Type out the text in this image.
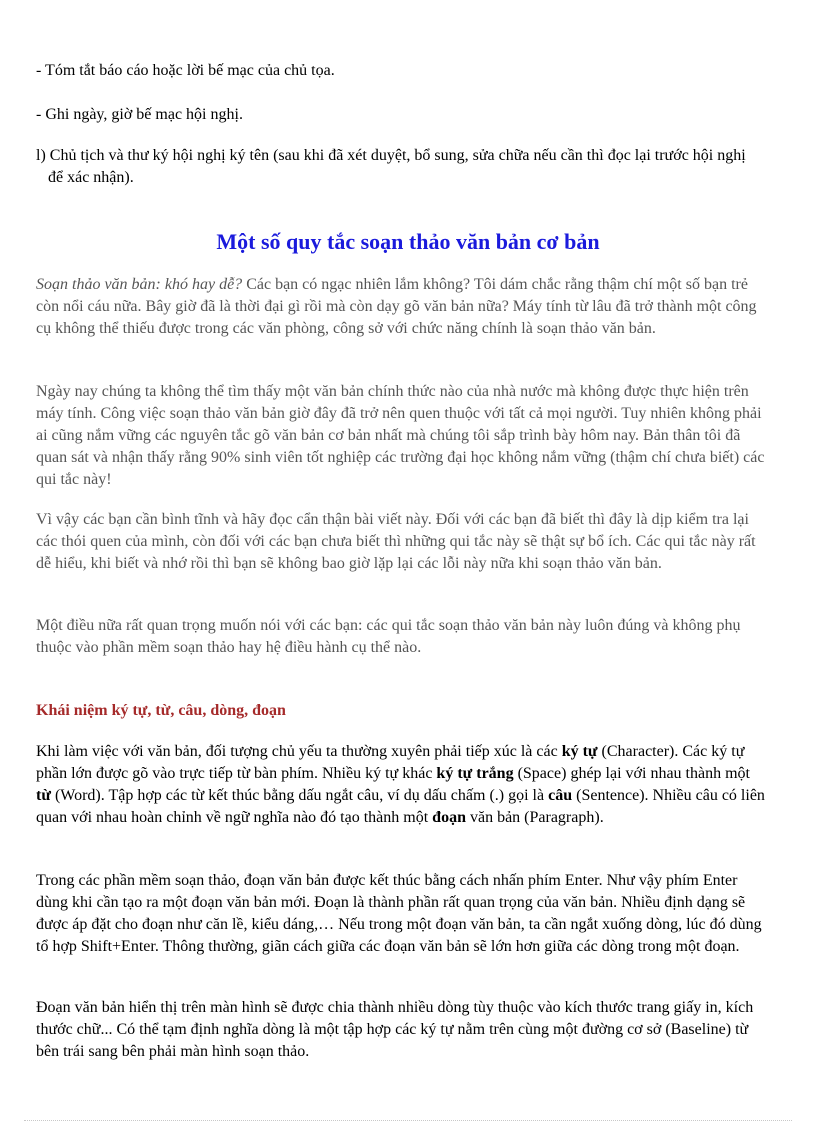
- Tóm tắt báo cáo hoặc lời bế mạc của chủ tọa.

- Ghi ngày, giờ bế mạc hội nghị.

l) Chủ tịch và thư ký hội nghị ký tên (sau khi đã xét duyệt, bổ sung, sửa chữa nếu cần thì đọc lại trước hội nghị để xác nhận).

Một số quy tắc soạn thảo văn bản cơ bản

Soạn thảo văn bản: khó hay dễ? Các bạn có ngạc nhiên lắm không? Tôi dám chắc rằng thậm chí một số bạn trẻ còn nổi cáu nữa. Bây giờ đã là thời đại gì rồi mà còn dạy gõ văn bản nữa? Máy tính từ lâu đã trở thành một công cụ không thể thiếu được trong các văn phòng, công sở với chức năng chính là soạn thảo văn bản.

Ngày nay chúng ta không thể tìm thấy một văn bản chính thức nào của nhà nước mà không được thực hiện trên máy tính. Công việc soạn thảo văn bản giờ đây đã trở nên quen thuộc với tất cả mọi người. Tuy nhiên không phải ai cũng nắm vững các nguyên tắc gõ văn bản cơ bản nhất mà chúng tôi sắp trình bày hôm nay. Bản thân tôi đã quan sát và nhận thấy rằng 90% sinh viên tốt nghiệp các trường đại học không nắm vững (thậm chí chưa biết) các qui tắc này!

Vì vậy các bạn cần bình tĩnh và hãy đọc cẩn thận bài viết này. Đối với các bạn đã biết thì đây là dịp kiểm tra lại các thói quen của mình, còn đối với các bạn chưa biết thì những qui tắc này sẽ thật sự bổ ích. Các qui tắc này rất dễ hiểu, khi biết và nhớ rồi thì bạn sẽ không bao giờ lặp lại các lỗi này nữa khi soạn thảo văn bản.

Một điều nữa rất quan trọng muốn nói với các bạn: các qui tắc soạn thảo văn bản này luôn đúng và không phụ thuộc vào phần mềm soạn thảo hay hệ điều hành cụ thể nào.

Khái niệm ký tự, từ, câu, dòng, đoạn

Khi làm việc với văn bản, đối tượng chủ yếu ta thường xuyên phải tiếp xúc là các ký tự (Character). Các ký tự phần lớn được gõ vào trực tiếp từ bàn phím. Nhiều ký tự khác ký tự trắng (Space) ghép lại với nhau thành một từ (Word). Tập hợp các từ kết thúc bằng dấu ngắt câu, ví dụ dấu chấm (.) gọi là câu (Sentence). Nhiều câu có liên quan với nhau hoàn chỉnh về ngữ nghĩa nào đó tạo thành một đoạn văn bản (Paragraph).

Trong các phần mềm soạn thảo, đoạn văn bản được kết thúc bằng cách nhấn phím Enter. Như vậy phím Enter dùng khi cần tạo ra một đoạn văn bản mới. Đoạn là thành phần rất quan trọng của văn bản. Nhiều định dạng sẽ được áp đặt cho đoạn như căn lề, kiểu dáng,… Nếu trong một đoạn văn bản, ta cần ngắt xuống dòng, lúc đó dùng tổ hợp Shift+Enter. Thông thường, giãn cách giữa các đoạn văn bản sẽ lớn hơn giữa các dòng trong một đoạn.

Đoạn văn bản hiển thị trên màn hình sẽ được chia thành nhiều dòng tùy thuộc vào kích thước trang giấy in, kích thước chữ... Có thể tạm định nghĩa dòng là một tập hợp các ký tự nằm trên cùng một đường cơ sở (Baseline) từ bên trái sang bên phải màn hình soạn thảo.
